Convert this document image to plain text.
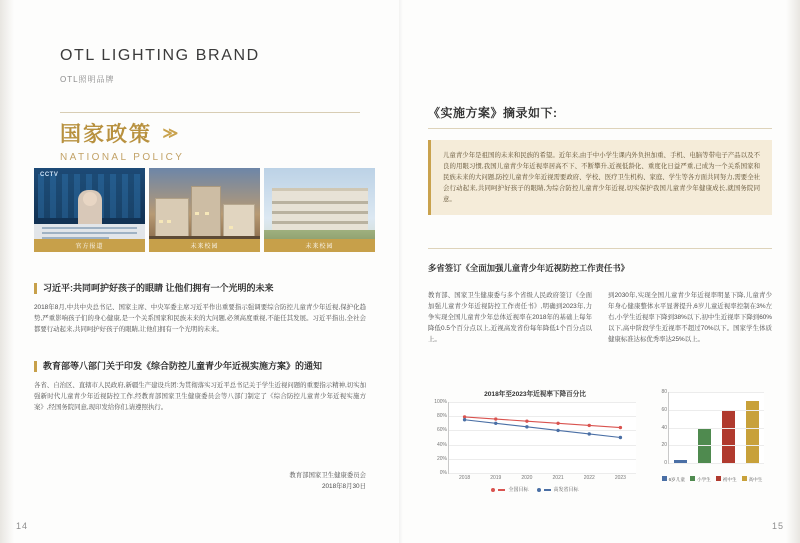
OTL LIGHTING BRAND
OTL照明品牌
国家政策 ≫
NATIONAL POLICY
CCTV
官方报道	未来校园	未来校园
习近平:共同呵护好孩子的眼睛 让他们拥有一个光明的未来
2018年8月,中共中央总书记、国家主席、中央军委主席习近平作出重要指示强调要综合防控儿童青少年近视,保护化趋势,严重影响孩子们的身心健康,是一个关系国家和民族未来的大问题,必须高度重视,不能任其发展。习近平指出,全社会都要行动起来,共同呵护好孩子的眼睛,让他们拥有一个光明的未来。
教育部等八部门关于印发《综合防控儿童青少年近视实施方案》的通知
各省、自治区、直辖市人民政府,新疆生产建设兵团:为贯彻落实习近平总书记关于学生近视问题的重要指示精神,切实加强新时代儿童青少年近视防控工作,经教育部国家卫生健康委员会等八部门制定了《综合防控儿童青少年近视实施方案》,经国务院同意,现印发给你们,请遵照执行。
教育部国家卫生健康委员会
2018年8月30日
14
《实施方案》摘录如下:
儿童青少年是祖国的未来和民族的希望。近年来,由于中小学生课内外负担加重、手机、电脑等带电子产品以及不良的用眼习惯,我国儿童青少年近视率居高不下、不断攀升,近视低龄化、重度化日益严重,已成为一个关系国家和民族未来的大问题,防控儿童青少年近视需要政府、学校、医疗卫生机构、家庭、学生等各方面共同努力,需要全社会行动起来,共同呵护好孩子的眼睛,为综合防控儿童青少年近视,切实保护我国儿童青少年健康成长,就国务院同意。
多省签订《全面加强儿童青少年近视防控工作责任书》
教育部、国家卫生健康委与多个省级人民政府签订《全面加强儿童青少年近视防控工作责任书》,明确到2023年,力争实现全国儿童青少年总体近视率在2018年的基础上每年降低0.5个百分点以上,近视高发省份每年降低1个百分点以上。
到2030年,实现全国儿童青少年近视率明显下降,儿童青少年身心健康整体水平显著提升,6岁儿童近视率控制在3%左右,小学生近视率下降到38%以下,初中生近视率下降到60%以下,高中阶段学生近视率不超过70%以下。国家学生体质健康标准达标优秀率达25%以上。
2018年至2023年近视率下降百分比
100%
80%
60%
40%
20%
0%
2018	2019	2020	2021	2022	2023
全国目标	高发省目标
80
60
40
20
0
6岁儿童	小学生	初中生	高中生
15
